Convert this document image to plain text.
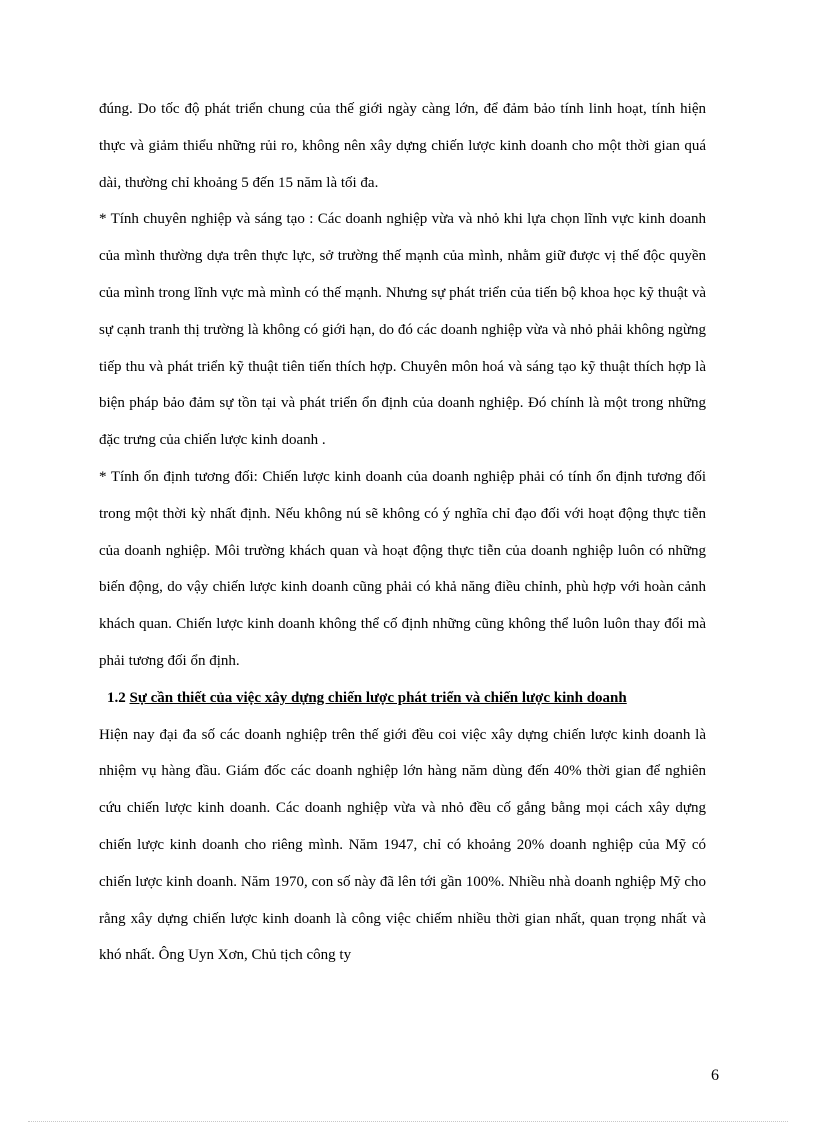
đúng. Do tốc độ phát triển chung của thế giới ngày càng lớn, để đảm bảo tính linh hoạt, tính hiện thực và giảm thiểu những rủi ro, không nên xây dựng chiến lược kinh doanh cho một thời gian quá dài, thường chỉ khoảng 5 đến 15 năm là tối đa.

* Tính chuyên nghiệp và sáng tạo : Các doanh nghiệp vừa và nhỏ khi lựa chọn lĩnh vực kinh doanh của mình thường dựa trên thực lực, sở trường thế mạnh của mình, nhằm giữ được vị thế độc quyền của mình trong lĩnh vực mà mình có thế mạnh. Nhưng sự phát triển của tiến bộ khoa học kỹ thuật và sự cạnh tranh thị trường là không có giới hạn, do đó các doanh nghiệp vừa và nhỏ phải không ngừng tiếp thu và phát triển kỹ thuật tiên tiến thích hợp. Chuyên môn hoá và sáng tạo kỹ thuật thích hợp là biện pháp bảo đảm sự tồn tại và phát triển ổn định của doanh nghiệp. Đó chính là một trong những đặc trưng của chiến lược kinh doanh .

* Tính ổn định tương đối: Chiến lược kinh doanh của doanh nghiệp phải có tính ổn định tương đối trong một thời kỳ nhất định. Nếu không nú sẽ không có ý nghĩa chỉ đạo đối với hoạt động thực tiễn của doanh nghiệp. Môi trường khách quan và hoạt động thực tiễn của doanh nghiệp luôn có những biến động, do vậy chiến lược kinh doanh cũng phải có khả năng điều chỉnh, phù hợp với hoàn cảnh khách quan. Chiến lược kinh doanh không thể cố định những cũng không thể luôn luôn thay đổi mà phải tương đối ổn định.

1.2 Sự cần thiết của việc xây dựng chiến lược phát triển và chiến lược kinh doanh

Hiện nay đại đa số các doanh nghiệp trên thế giới đều coi việc xây dựng chiến lược kinh doanh là nhiệm vụ hàng đầu. Giám đốc các doanh nghiệp lớn hàng năm dùng đến 40% thời gian để nghiên cứu chiến lược kinh doanh. Các doanh nghiệp vừa và nhỏ đều cố gắng bằng mọi cách xây dựng chiến lược kinh doanh cho riêng mình. Năm 1947, chỉ có khoảng 20% doanh nghiệp của Mỹ có chiến lược kinh doanh. Năm 1970, con số này đã lên tới gần 100%. Nhiều nhà doanh nghiệp Mỹ cho rằng xây dựng chiến lược kinh doanh là công việc chiếm nhiều thời gian nhất, quan trọng nhất và khó nhất. Ông Uyn Xơn, Chủ tịch công ty

6
